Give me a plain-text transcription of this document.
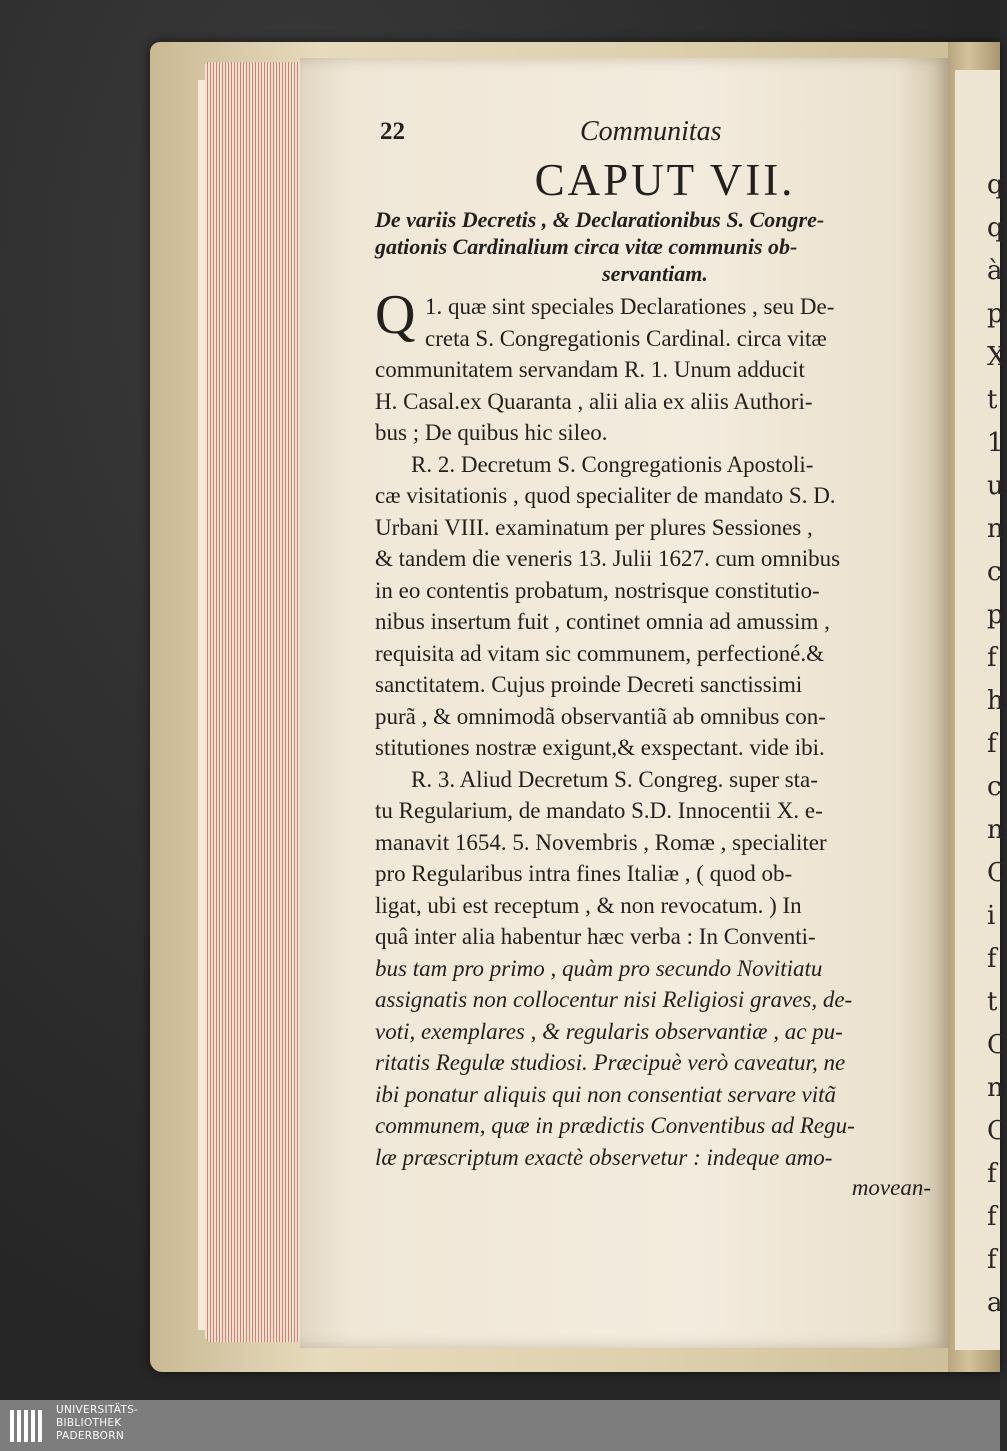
q
q
à
p
X
t
1
u
n
c
p
f
h
f
c
n
C
i
f
t
C
n
C
f
f
f
a
22	Communitas
CAPUT VII.
De variis Decretis , & Declarationibus S. Congre-
gationis Cardinalium circa vitæ communis ob-
servantiam.
Q 1. quæ sint speciales Declarationes , seu De-
creta S. Congregationis Cardinal. circa vitæ
communitatem servandam R. 1. Unum adducit
H. Casal.ex Quaranta , alii alia ex aliis Authori-
bus ; De quibus hic sileo.
R. 2. Decretum S. Congregationis Apostoli-
cæ visitationis , quod specialiter de mandato S. D.
Urbani VIII. examinatum per plures Sessiones ,
& tandem die veneris 13. Julii 1627. cum omnibus
in eo contentis probatum, nostrisque constitutio-
nibus insertum fuit , continet omnia ad amussim ,
requisita ad vitam sic communem, perfectioné.&
sanctitatem. Cujus proinde Decreti sanctissimi
purã , & omnimodã observantiã ab omnibus con-
stitutiones nostræ exigunt,& exspectant. vide ibi.
R. 3. Aliud Decretum S. Congreg. super sta-
tu Regularium, de mandato S.D. Innocentii X. e-
manavit 1654. 5. Novembris , Romæ , specialiter
pro Regularibus intra fines Italiæ , ( quod ob-
ligat, ubi est receptum , & non revocatum. ) In
quâ inter alia habentur hæc verba : In Conventi-
bus tam pro primo , quàm pro secundo Novitiatu
assignatis non collocentur nisi Religiosi graves, de-
voti, exemplares , & regularis observantiæ , ac pu-
ritatis Regulæ studiosi. Præcipuè verò caveatur, ne
ibi ponatur aliquis qui non consentiat servare vitã
communem, quæ in prædictis Conventibus ad Regu-
læ præscriptum exactè observetur : indeque amo-
movean-
UNIVERSITÄTS-
BIBLIOTHEK
PADERBORN
